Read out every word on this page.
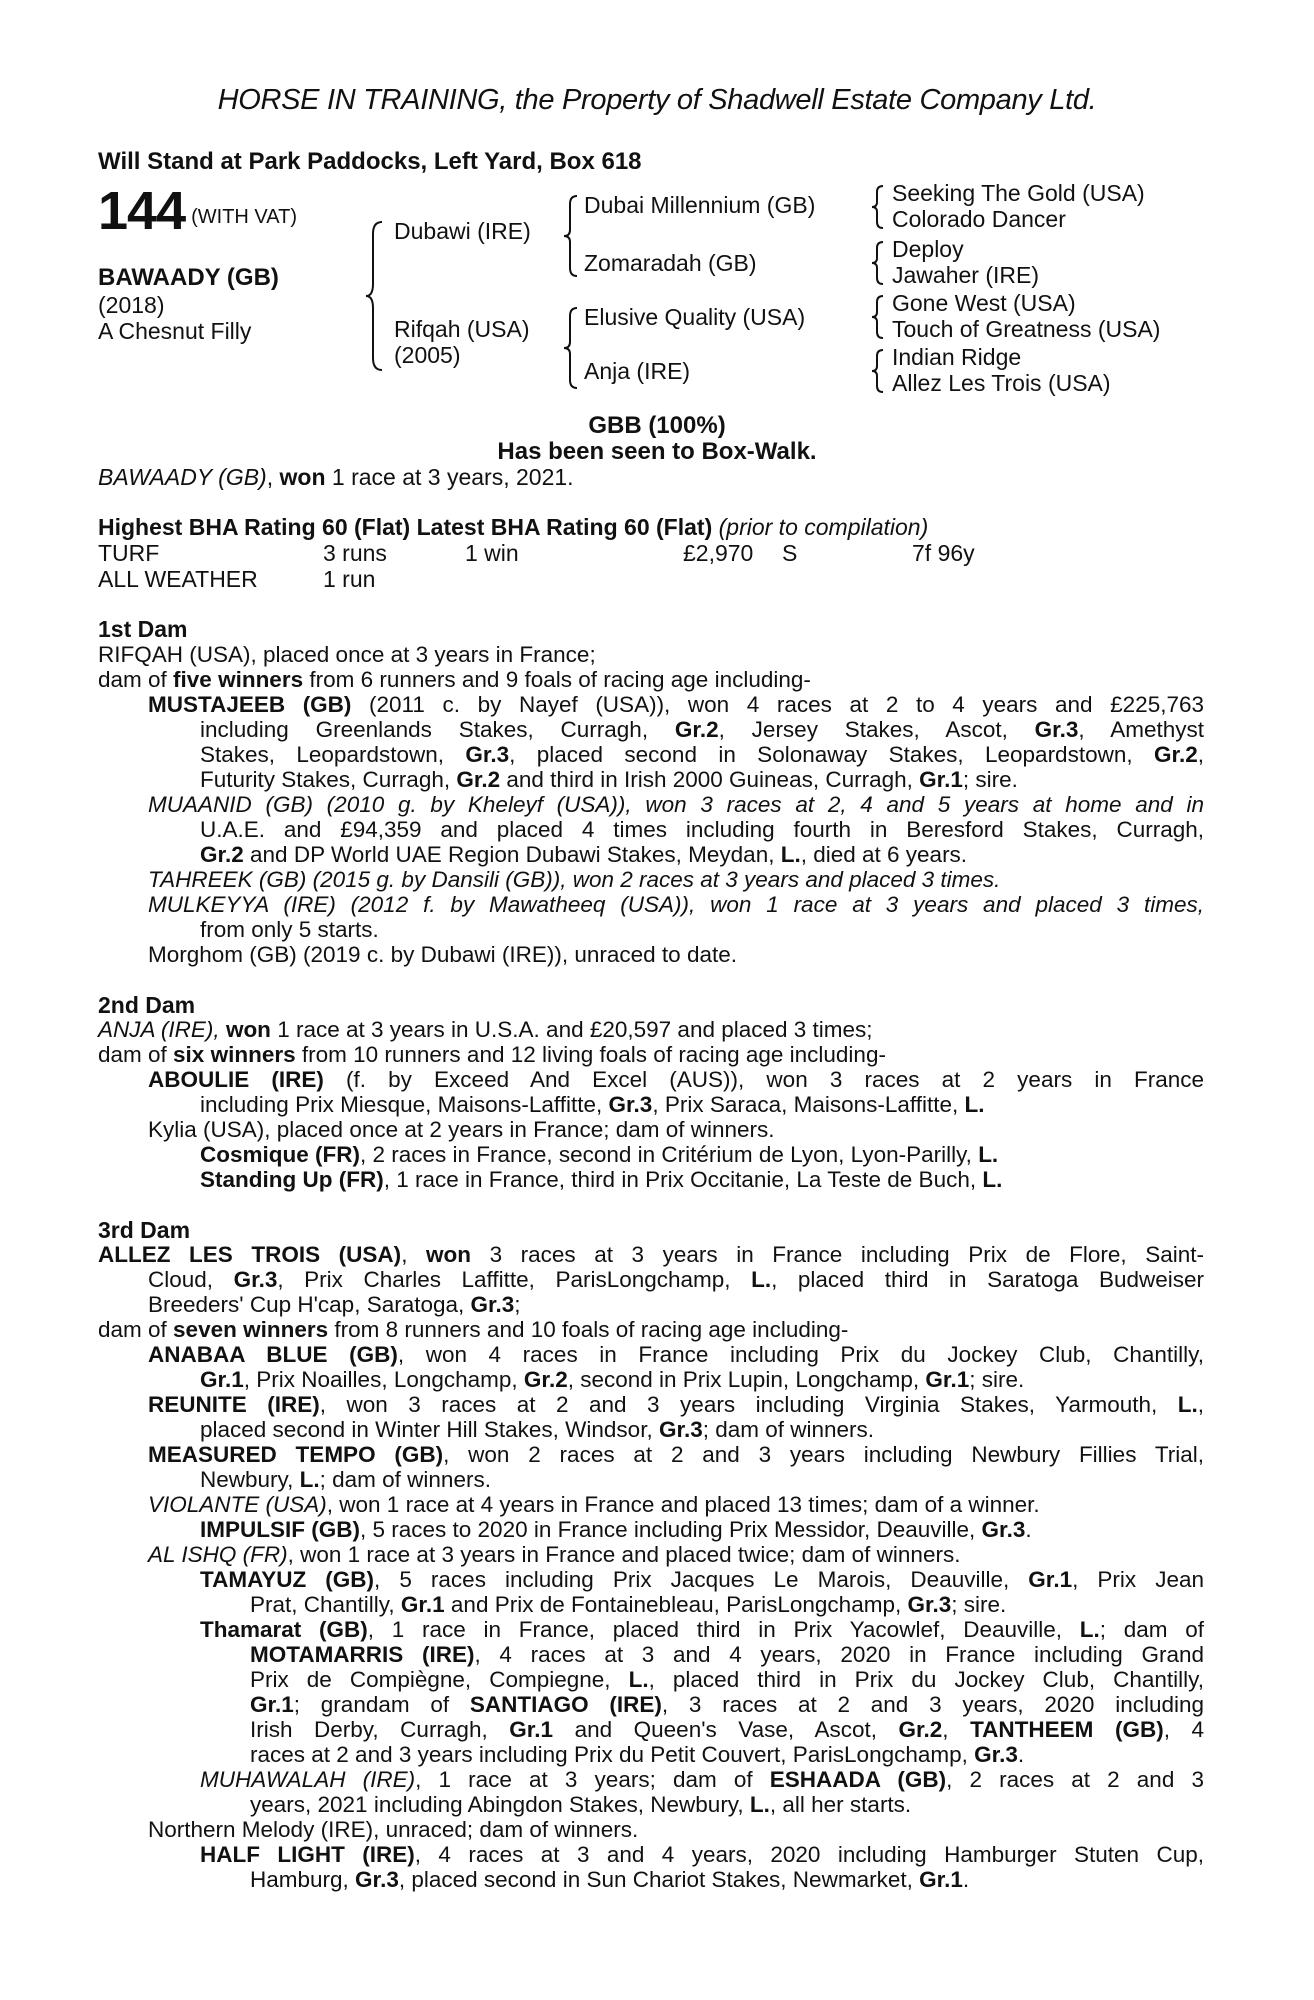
HORSE IN TRAINING, the Property of Shadwell Estate Company Ltd.
Will Stand at Park Paddocks, Left Yard, Box 618
144 (WITH VAT)
BAWAADY (GB)
(2018)
A Chesnut Filly
Dubawi (IRE)
Rifqah (USA)
(2005)
Dubai Millennium (GB)
Zomaradah (GB)
Elusive Quality (USA)
Anja (IRE)
Seeking The Gold (USA)
Colorado Dancer
Deploy
Jawaher (IRE)
Gone West (USA)
Touch of Greatness (USA)
Indian Ridge
Allez Les Trois (USA)
GBB (100%)
Has been seen to Box-Walk.
BAWAADY (GB), won 1 race at 3 years, 2021.
Highest BHA Rating 60 (Flat) Latest BHA Rating 60 (Flat) (prior to compilation)
TURF	3 runs	1 win	£2,970 S	7f 96y
ALL WEATHER	1 run
1st Dam
RIFQAH (USA), placed once at 3 years in France;
dam of five winners from 6 runners and 9 foals of racing age including-
MUSTAJEEB (GB) (2011 c. by Nayef (USA)), won 4 races at 2 to 4 years and £225,763
including Greenlands Stakes, Curragh, Gr.2, Jersey Stakes, Ascot, Gr.3, Amethyst
Stakes, Leopardstown, Gr.3, placed second in Solonaway Stakes, Leopardstown, Gr.2,
Futurity Stakes, Curragh, Gr.2 and third in Irish 2000 Guineas, Curragh, Gr.1; sire.
MUAANID (GB) (2010 g. by Kheleyf (USA)), won 3 races at 2, 4 and 5 years at home and in
U.A.E. and £94,359 and placed 4 times including fourth in Beresford Stakes, Curragh,
Gr.2 and DP World UAE Region Dubawi Stakes, Meydan, L., died at 6 years.
TAHREEK (GB) (2015 g. by Dansili (GB)), won 2 races at 3 years and placed 3 times.
MULKEYYA (IRE) (2012 f. by Mawatheeq (USA)), won 1 race at 3 years and placed 3 times,
from only 5 starts.
Morghom (GB) (2019 c. by Dubawi (IRE)), unraced to date.
2nd Dam
ANJA (IRE), won 1 race at 3 years in U.S.A. and £20,597 and placed 3 times;
dam of six winners from 10 runners and 12 living foals of racing age including-
ABOULIE (IRE) (f. by Exceed And Excel (AUS)), won 3 races at 2 years in France
including Prix Miesque, Maisons-Laffitte, Gr.3, Prix Saraca, Maisons-Laffitte, L.
Kylia (USA), placed once at 2 years in France; dam of winners.
Cosmique (FR), 2 races in France, second in Critérium de Lyon, Lyon-Parilly, L.
Standing Up (FR), 1 race in France, third in Prix Occitanie, La Teste de Buch, L.
3rd Dam
ALLEZ LES TROIS (USA), won 3 races at 3 years in France including Prix de Flore, Saint-
Cloud, Gr.3, Prix Charles Laffitte, ParisLongchamp, L., placed third in Saratoga Budweiser
Breeders' Cup H'cap, Saratoga, Gr.3;
dam of seven winners from 8 runners and 10 foals of racing age including-
ANABAA BLUE (GB), won 4 races in France including Prix du Jockey Club, Chantilly,
Gr.1, Prix Noailles, Longchamp, Gr.2, second in Prix Lupin, Longchamp, Gr.1; sire.
REUNITE (IRE), won 3 races at 2 and 3 years including Virginia Stakes, Yarmouth, L.,
placed second in Winter Hill Stakes, Windsor, Gr.3; dam of winners.
MEASURED TEMPO (GB), won 2 races at 2 and 3 years including Newbury Fillies Trial,
Newbury, L.; dam of winners.
VIOLANTE (USA), won 1 race at 4 years in France and placed 13 times; dam of a winner.
IMPULSIF (GB), 5 races to 2020 in France including Prix Messidor, Deauville, Gr.3.
AL ISHQ (FR), won 1 race at 3 years in France and placed twice; dam of winners.
TAMAYUZ (GB), 5 races including Prix Jacques Le Marois, Deauville, Gr.1, Prix Jean
Prat, Chantilly, Gr.1 and Prix de Fontainebleau, ParisLongchamp, Gr.3; sire.
Thamarat (GB), 1 race in France, placed third in Prix Yacowlef, Deauville, L.; dam of
MOTAMARRIS (IRE), 4 races at 3 and 4 years, 2020 in France including Grand
Prix de Compiègne, Compiegne, L., placed third in Prix du Jockey Club, Chantilly,
Gr.1; grandam of SANTIAGO (IRE), 3 races at 2 and 3 years, 2020 including
Irish Derby, Curragh, Gr.1 and Queen's Vase, Ascot, Gr.2, TANTHEEM (GB), 4
races at 2 and 3 years including Prix du Petit Couvert, ParisLongchamp, Gr.3.
MUHAWALAH (IRE), 1 race at 3 years; dam of ESHAADA (GB), 2 races at 2 and 3
years, 2021 including Abingdon Stakes, Newbury, L., all her starts.
Northern Melody (IRE), unraced; dam of winners.
HALF LIGHT (IRE), 4 races at 3 and 4 years, 2020 including Hamburger Stuten Cup,
Hamburg, Gr.3, placed second in Sun Chariot Stakes, Newmarket, Gr.1.
